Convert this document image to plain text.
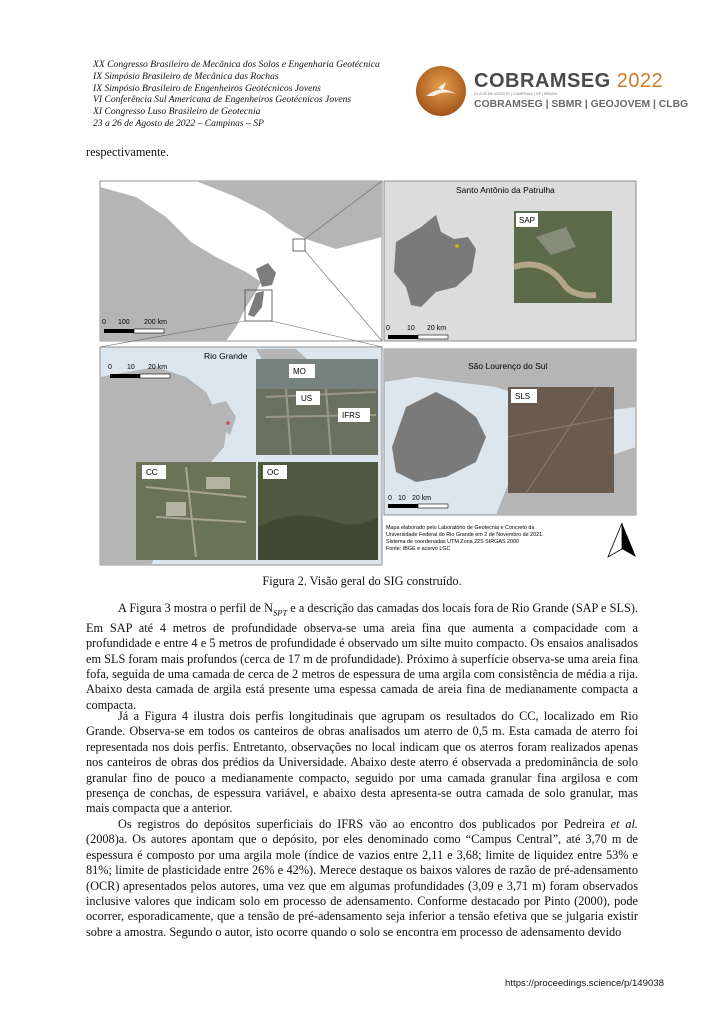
XX Congresso Brasileiro de Mecânica dos Solos e Engenharia Geotécnica
IX Simpósio Brasileiro de Mecânica das Rochas
IX Simpósio Brasileiro de Engenheiros Geotécnicos Jovens
VI Conferência Sul Americana de Engenheiros Geotécnicos Jovens
XI Congresso Luso Brasileiro de Geotecnia
23 a 26 de Agosto de 2022 – Campinas – SP
COBRAMSEG 2022
23 A 26 DE AGOSTO | CAMPINAS | SP | BRASIL
COBRAMSEG | SBMR | GEOJOVEM | CLBG
respectivamente.
0 100 200 km
Santo Antônio da Patrulha
SAP
0 10 20 km
Rio Grande
0 10 20 km	MO
US
IFRS
CC	OC
São Lourenço do Sul
SLS
0 10 20 km
Mapa elaborado pelo Laboratório de Geotecnia e Concreto da
Universidade Federal do Rio Grande em 2 de Novembro de 2021.
Sistema de coordenadas UTM Zona 22S SIRGAS 2000
Fonte: IBGE e acervo LGC
Figura 2. Visão geral do SIG construído.
A Figura 3 mostra o perfil de $N_{SPT}$ e a descrição das camadas dos locais fora de Rio Grande (SAP e SLS). Em SAP até 4 metros de profundidade observa-se uma areia fina que aumenta a compacidade com a profundidade e entre 4 e 5 metros de profundidade é observado um silte muito compacto. Os ensaios analisados em SLS foram mais profundos (cerca de 17 m de profundidade). Próximo à superfície observa-se uma areia fina fofa, seguida de uma camada de cerca de 2 metros de espessura de uma argila com consistência de média a rija. Abaixo desta camada de argila está presente uma espessa camada de areia fina de medianamente compacta a compacta.
Já a Figura 4 ilustra dois perfis longitudinais que agrupam os resultados do CC, localizado em Rio Grande. Observa-se em todos os canteiros de obras analisados um aterro de 0,5 m. Esta camada de aterro foi representada nos dois perfis. Entretanto, observações no local indicam que os aterros foram realizados apenas nos canteiros de obras dos prédios da Universidade. Abaixo deste aterro é observada a predominância de solo granular fino de pouco a medianamente compacto, seguido por uma camada granular fina argilosa e com presença de conchas, de espessura variável, e abaixo desta apresenta-se outra camada de solo granular, mas mais compacta que a anterior.
Os registros do depósitos superficiais do IFRS vão ao encontro dos publicados por Pedreira et al. (2008)a. Os autores apontam que o depósito, por eles denominado como “Campus Central”, até 3,70 m de espessura é composto por uma argila mole (índice de vazios entre 2,11 e 3,68; limite de liquidez entre 53% e 81%; limite de plasticidade entre 26% e 42%). Merece destaque os baixos valores de razão de pré-adensamento (OCR) apresentados pelos autores, uma vez que em algumas profundidades (3,09 e 3,71 m) foram observados inclusive valores que indicam solo em processo de adensamento. Conforme destacado por Pinto (2000), pode ocorrer, esporadicamente, que a tensão de pré-adensamento seja inferior a tensão efetiva que se julgaria existir sobre a amostra. Segundo o autor, isto ocorre quando o solo se encontra em processo de adensamento devido
https://proceedings.science/p/149038
